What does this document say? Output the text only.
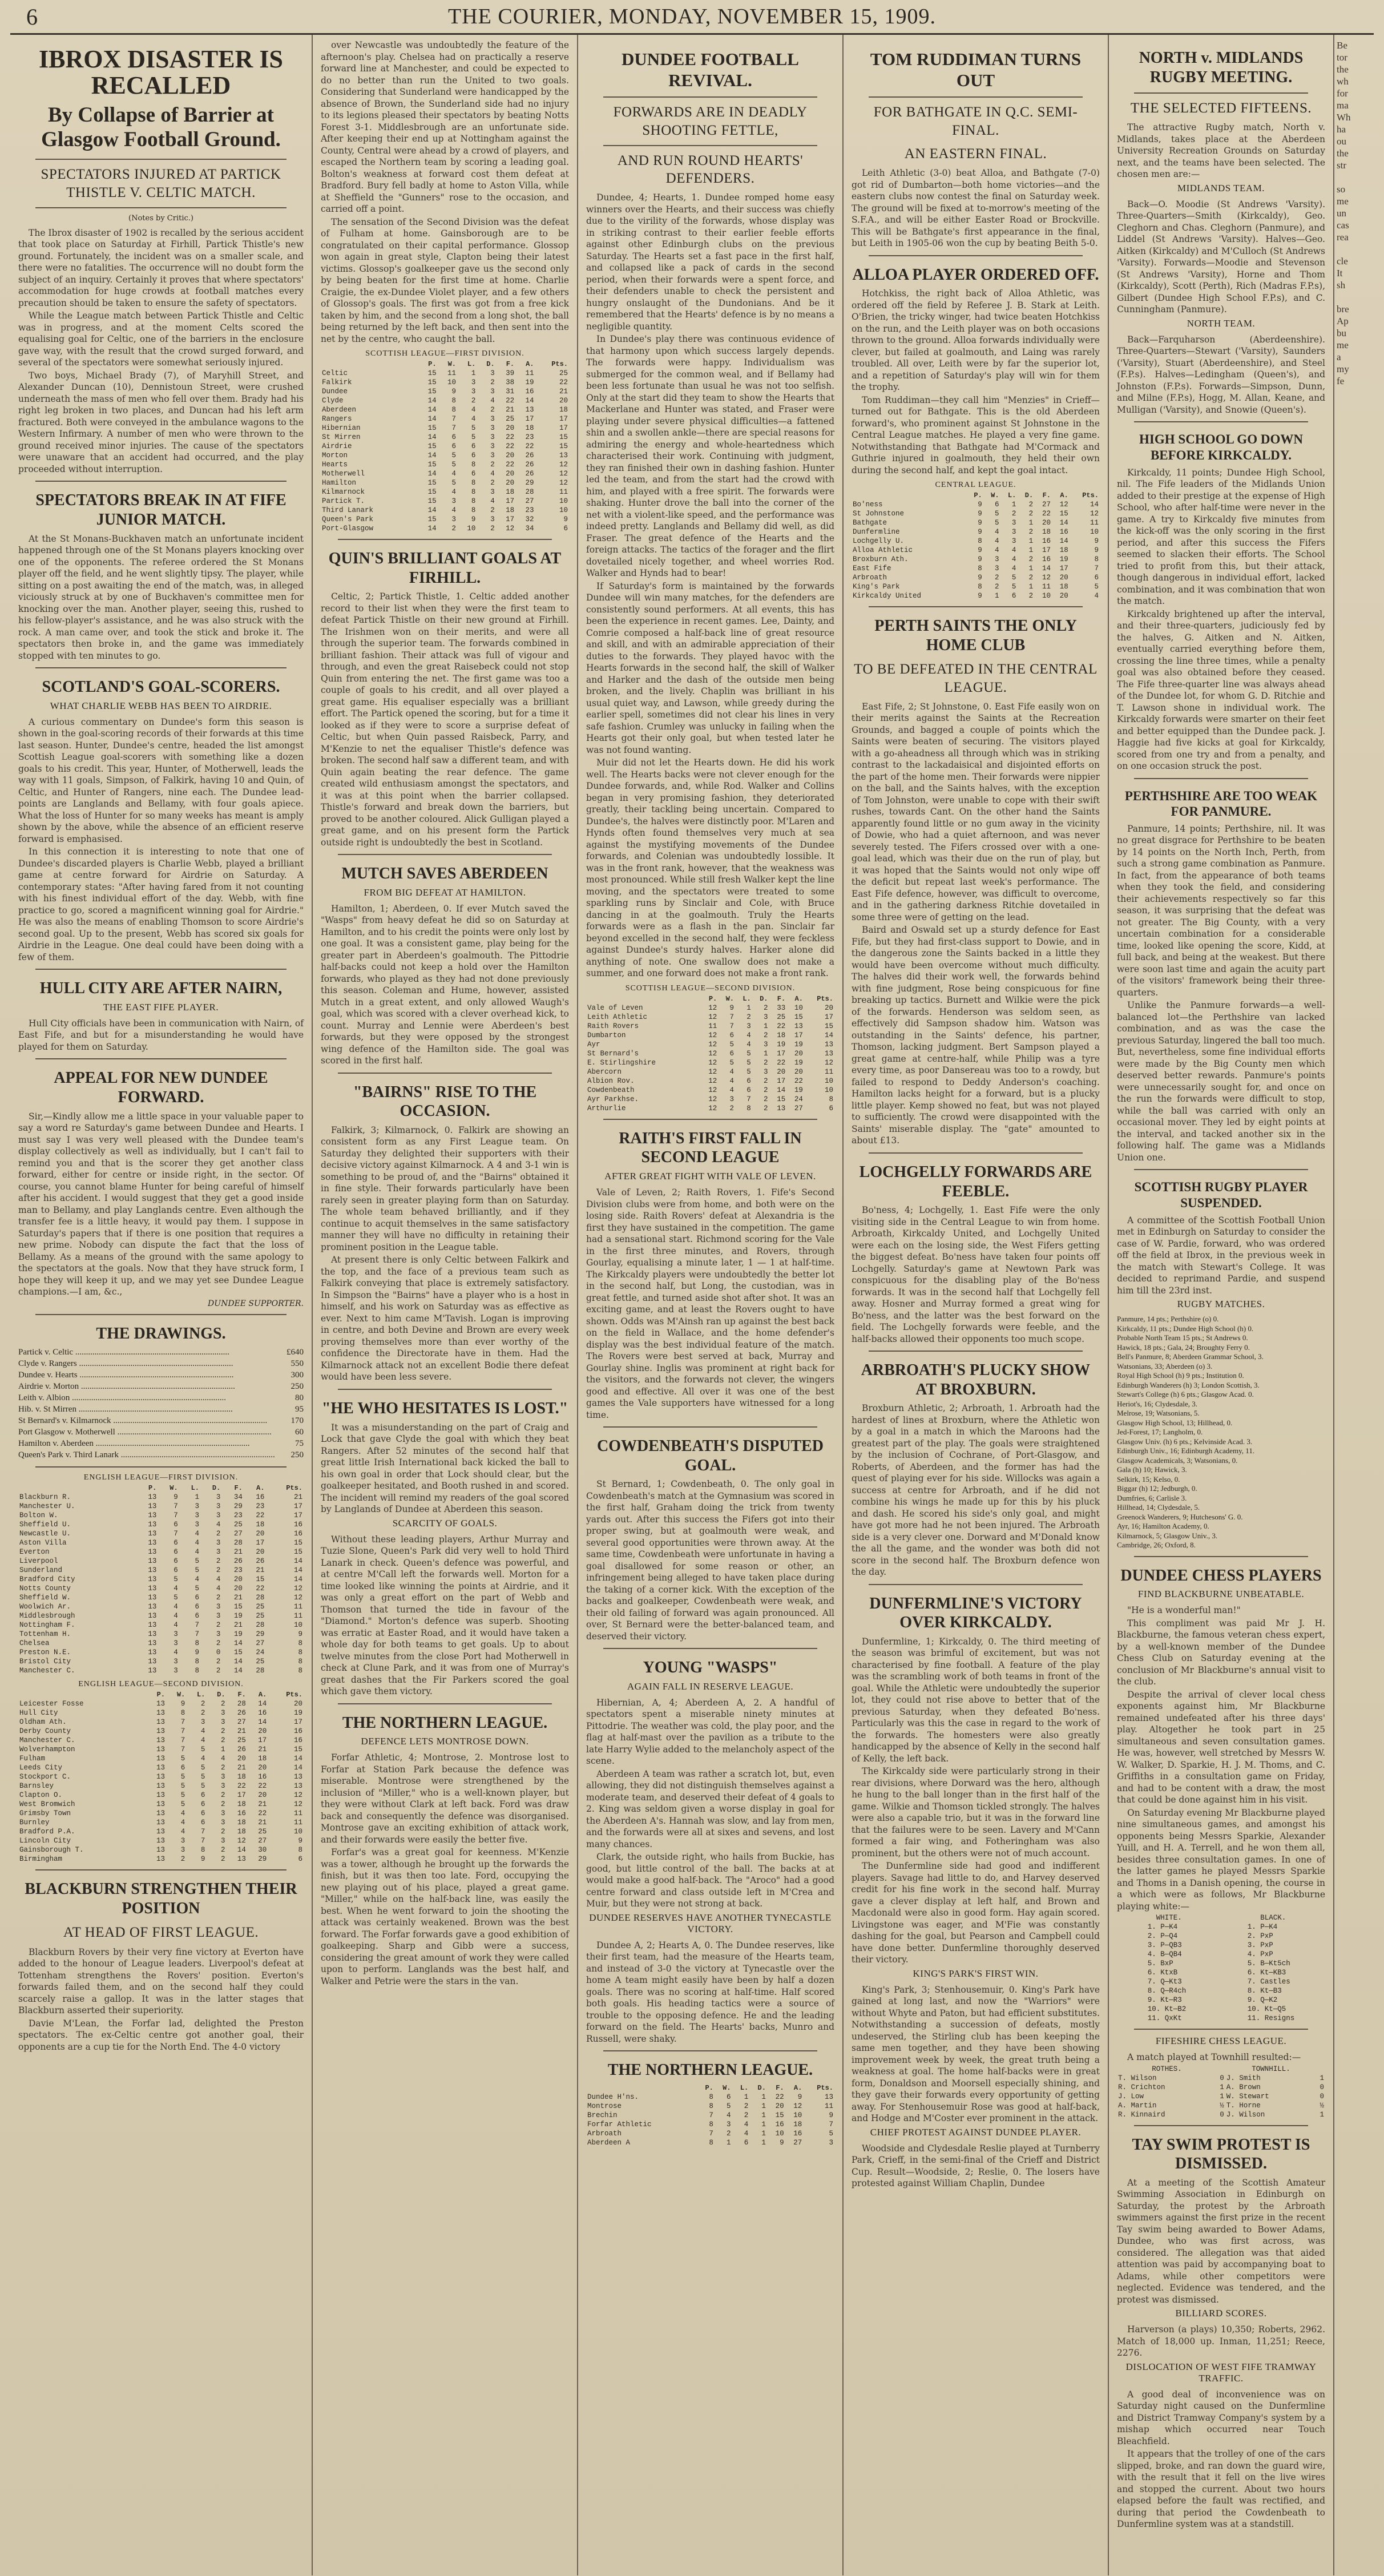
6	THE COURIER, MONDAY, NOVEMBER 15, 1909.
IBROX DISASTER IS RECALLED
By Collapse of Barrier at Glasgow Football Ground.
SPECTATORS INJURED AT PARTICK THISTLE V. CELTIC MATCH.
(Notes by Critic.)

The Ibrox disaster of 1902 is recalled by the serious accident that took place on Saturday at Firhill, Partick Thistle's new ground. Fortunately, the incident was on a smaller scale, and there were no fatalities. The occurrence will no doubt form the subject of an inquiry. Certainly it proves that where spectators' accommodation for huge crowds at football matches every precaution should be taken to ensure the safety of spectators.

While the League match between Partick Thistle and Celtic was in progress, and at the moment Celts scored the equalising goal for Celtic, one of the barriers in the enclosure gave way, with the result that the crowd surged forward, and several of the spectators were somewhat seriously injured.

Two boys, Michael Brady (7), of Maryhill Street, and Alexander Duncan (10), Dennistoun Street, were crushed underneath the mass of men who fell over them. Brady had his right leg broken in two places, and Duncan had his left arm fractured. Both were conveyed in the ambulance wagons to the Western Infirmary. A number of men who were thrown to the ground received minor injuries. The cause of the spectators were unaware that an accident had occurred, and the play proceeded without interruption.

SPECTATORS BREAK IN AT FIFE JUNIOR MATCH.

At the St Monans-Buckhaven match an unfortunate incident happened through one of the St Monans players knocking over one of the opponents. The referee ordered the St Monans player off the field, and he went slightly tipsy. The player, while sitting on a post awaiting the end of the match, was, in alleged viciously struck at by one of Buckhaven's committee men for knocking over the man. Another player, seeing this, rushed to his fellow-player's assistance, and he was also struck with the rock. A man came over, and took the stick and broke it. The spectators then broke in, and the game was immediately stopped with ten minutes to go.

SCOTLAND'S GOAL-SCORERS.
WHAT CHARLIE WEBB HAS BEEN TO AIRDRIE.

A curious commentary on Dundee's form this season is shown in the goal-scoring records of their forwards at this time last season. Hunter, Dundee's centre, headed the list amongst Scottish League goal-scorers with something like a dozen goals to his credit. This year, Hunter, of Motherwell, leads the way with 11 goals, Simpson, of Falkirk, having 10 and Quin, of Celtic, and Hunter of Rangers, nine each. The Dundee lead-points are Langlands and Bellamy, with four goals apiece. What the loss of Hunter for so many weeks has meant is amply shown by the above, while the absence of an efficient reserve forward is emphasised.

In this connection it is interesting to note that one of Dundee's discarded players is Charlie Webb, played a brilliant game at centre forward for Airdrie on Saturday. A contemporary states: "After having fared from it not counting with his finest individual effort of the day. Webb, with fine practice to go, scored a magnificent winning goal for Airdrie." He was also the means of enabling Thomson to score Airdrie's second goal. Up to the present, Webb has scored six goals for Airdrie in the League. One deal could have been doing with a few of them.

HULL CITY ARE AFTER NAIRN,
THE EAST FIFE PLAYER.

Hull City officials have been in communication with Nairn, of East Fife, and but for a misunderstanding he would have played for them on Saturday.

APPEAL FOR NEW DUNDEE FORWARD.

Sir,—Kindly allow me a little space in your valuable paper to say a word re Saturday's game between Dundee and Hearts. I must say I was very well pleased with the Dundee team's display collectively as well as individually, but I can't fail to remind you and that is the scorer they get another class forward, either for centre or inside right, in the sector. Of course, you cannot blame Hunter for being careful of himself after his accident. I would suggest that they get a good inside man to Bellamy, and play Langlands centre. Even although the transfer fee is a little heavy, it would pay them. I suppose in Saturday's papers that if there is one position that requires a new prime. Nobody can dispute the fact that the loss of Bellamy. As a means of the ground with the same apology to the spectators at the goals. Now that they have struck form, I hope they will keep it up, and we may yet see Dundee League champions.—I am, &c.,

DUNDEE SUPPORTER.
THE DRAWINGS.
Partick v. Celtic .....	£640
Clyde v. Rangers .....	550
Dundee v. Hearts .....	300
Airdrie v. Morton .....	250
Leith v. Albion .....	80
Hib. v. St Mirren .....	95
St Bernard's v. Kilmarnock .....	170
Port Glasgow v. Motherwell .....	60
Hamilton v. Aberdeen .....	75
Queen's Park v. Third Lanark .....	250
ENGLISH LEAGUE—FIRST DIVISION.
	P.	W.	L.	D.	F.	A.	Pts.
Blackburn R.	13	9	1	3	34	16	21
Manchester U.	13	7	3	3	29	23	17
Bolton W.	13	7	3	3	23	22	17
Sheffield U.	13	6	3	4	25	18	16
Newcastle U.	13	7	4	2	27	20	16
Aston Villa	13	6	4	3	28	17	15
Everton	13	6	4	3	21	20	15
Liverpool	13	6	5	2	26	26	14
Sunderland	13	6	5	2	23	21	14
Bradford City	13	5	4	4	20	15	14
Notts County	13	4	5	4	20	22	12
Sheffield W.	13	5	6	2	21	28	12
Woolwich Ar.	13	4	6	3	15	25	11
Middlesbrough	13	4	6	3	19	25	11
Nottingham F.	13	4	7	2	21	28	10
Tottenham H.	13	3	7	3	19	29	9
Chelsea	13	3	8	2	14	27	8
Preston N.E.	13	4	9	0	15	24	8
Bristol City	13	3	8	2	14	25	8
Manchester C.	13	3	8	2	14	28	8
ENGLISH LEAGUE—SECOND DIVISION.
	P.	W.	L.	D.	F.	A.	Pts.
Leicester Fosse	13	9	2	2	28	14	20
Hull City	13	8	2	3	26	16	19
Oldham Ath.	13	7	3	3	27	14	17
Derby County	13	7	4	2	21	20	16
Manchester C.	13	7	4	2	25	17	16
Wolverhampton	13	7	5	1	26	21	15
Fulham	13	5	4	4	20	18	14
Leeds City	13	6	5	2	21	20	14
Stockport C.	13	5	5	3	18	16	13
Barnsley	13	5	5	3	22	22	13
Clapton O.	13	5	6	2	17	20	12
West Bromwich	13	5	6	2	18	21	12
Grimsby Town	13	4	6	3	16	22	11
Burnley	13	4	6	3	18	21	11
Bradford P.A.	13	4	7	2	18	25	10
Lincoln City	13	3	7	3	12	27	9
Gainsborough T.	13	3	8	2	14	30	8
Birmingham	13	2	9	2	13	29	6
BLACKBURN STRENGTHEN THEIR POSITION
AT HEAD OF FIRST LEAGUE.

Blackburn Rovers by their very fine victory at Everton have added to the honour of League leaders. Liverpool's defeat at Tottenham strengthens the Rovers' position. Everton's forwards failed them, and on the second half they could scarcely raise a gallop. It was in the latter stages that Blackburn asserted their superiority.

Davie M'Lean, the Forfar lad, delighted the Preston spectators. The ex-Celtic centre got another goal, their opponents are a cup tie for the North End. The 4-0 victory

over Newcastle was undoubtedly the feature of the afternoon's play. Chelsea had on practically a reserve forward line at Manchester, and could be expected to do no better than run the United to two goals. Considering that Sunderland were handicapped by the absence of Brown, the Sunderland side had no injury to its legions pleased their spectators by beating Notts Forest 3-1. Middlesbrough are an unfortunate side. After keeping their end up at Nottingham against the County, Central were ahead by a crowd of players, and escaped the Northern team by scoring a leading goal. Bolton's weakness at forward cost them defeat at Bradford. Bury fell badly at home to Aston Villa, while at Sheffield the "Gunners" rose to the occasion, and carried off a point.

The sensation of the Second Division was the defeat of Fulham at home. Gainsborough are to be congratulated on their capital performance. Glossop won again in great style, Clapton being their latest victims. Glossop's goalkeeper gave us the second only by being beaten for the first time at home. Charlie Craigie, the ex-Dundee Violet player, and a few others of Glossop's goals. The first was got from a free kick taken by him, and the second from a long shot, the ball being returned by the left back, and then sent into the net by the centre, who caught the ball.

SCOTTISH LEAGUE—FIRST DIVISION.
	P.	W.	L.	D.	F.	A.	Pts.
Celtic	15	11	1	3	39	11	25
Falkirk	15	10	3	2	38	19	22
Dundee	15	9	3	3	31	16	21
Clyde	14	8	2	4	22	14	20
Aberdeen	14	8	4	2	21	13	18
Rangers	14	7	4	3	25	17	17
Hibernian	15	7	5	3	20	18	17
St Mirren	14	6	5	3	22	23	15
Airdrie	15	6	6	3	22	22	15
Morton	14	5	6	3	20	26	13
Hearts	15	5	8	2	22	26	12
Motherwell	14	4	6	4	20	26	12
Hamilton	15	5	8	2	20	29	12
Kilmarnock	15	4	8	3	18	28	11
Partick T.	15	3	8	4	17	27	10
Third Lanark	14	4	8	2	18	23	10
Queen's Park	15	3	9	3	17	32	9
Port-Glasgow	14	2	10	2	12	34	6
QUIN'S BRILLIANT GOALS AT FIRHILL.

Celtic, 2; Partick Thistle, 1. Celtic added another record to their list when they were the first team to defeat Partick Thistle on their new ground at Firhill. The Irishmen won on their merits, and were all through the superior team. The forwards combined in brilliant fashion. Their attack was full of vigour and through, and even the great Raisebeck could not stop Quin from entering the net. The first game was too a couple of goals to his credit, and all over played a great game. His equaliser especially was a brilliant effort. The Partick opened the scoring, but for a time it looked as if they were to score a surprise defeat of Celtic, but when Quin passed Raisbeck, Parry, and M'Kenzie to net the equaliser Thistle's defence was broken. The second half saw a different team, and with Quin again beating the rear defence. The game created wild enthusiasm amongst the spectators, and it was at this point when the barrier collapsed. Thistle's forward and break down the barriers, but proved to be another coloured. Alick Gulligan played a great game, and on his present form the Partick outside right is undoubtedly the best in Scotland.

MUTCH SAVES ABERDEEN
FROM BIG DEFEAT AT HAMILTON.

Hamilton, 1; Aberdeen, 0. If ever Mutch saved the "Wasps" from heavy defeat he did so on Saturday at Hamilton, and to his credit the points were only lost by one goal. It was a consistent game, play being for the greater part in Aberdeen's goalmouth. The Pittodrie half-backs could not keep a hold over the Hamilton forwards, who played as they had not done previously this season. Coleman and Hume, however, assisted Mutch in a great extent, and only allowed Waugh's goal, which was scored with a clever overhead kick, to count. Murray and Lennie were Aberdeen's best forwards, but they were opposed by the strongest wing defence of the Hamilton side. The goal was scored in the first half.

"BAIRNS" RISE TO THE OCCASION.

Falkirk, 3; Kilmarnock, 0. Falkirk are showing an consistent form as any First League team. On Saturday they delighted their supporters with their decisive victory against Kilmarnock. A 4 and 3-1 win is something to be proud of, and the "Bairns" obtained it in fine style. Their forwards particularly have been rarely seen in greater playing form than on Saturday. The whole team behaved brilliantly, and if they continue to acquit themselves in the same satisfactory manner they will have no difficulty in retaining their prominent position in the League table.

At present there is only Celtic between Falkirk and the top, and the face of a previous team such as Falkirk conveying that place is extremely satisfactory. In Simpson the "Bairns" have a player who is a host in himself, and his work on Saturday was as effective as ever. Next to him came M'Tavish. Logan is improving in centre, and both Devine and Brown are every week proving themselves more than ever worthy of the confidence the Directorate have in them. Had the Kilmarnock attack not an excellent Bodie there defeat would have been less severe.

"HE WHO HESITATES IS LOST."

It was a misunderstanding on the part of Craig and Lock that gave Clyde the goal with which they beat Rangers. After 52 minutes of the second half that great little Irish International back kicked the ball to his own goal in order that Lock should clear, but the goalkeeper hesitated, and Booth rushed in and scored. The incident will remind my readers of the goal scored by Langlands of Dundee at Aberdeen this season.

SCARCITY OF GOALS.

Without these leading players, Arthur Murray and Tuzie Slone, Queen's Park did very well to hold Third Lanark in check. Queen's defence was powerful, and at centre M'Call left the forwards well. Morton for a time looked like winning the points at Airdrie, and it was only a great effort on the part of Webb and Thomson that turned the tide in favour of the "Diamond." Morton's defence was superb. Shooting was erratic at Easter Road, and it would have taken a whole day for both teams to get goals. Up to about twelve minutes from the close Port had Motherwell in check at Clune Park, and it was from one of Murray's great dashes that the Fir Parkers scored the goal which gave them victory.

THE NORTHERN LEAGUE.
DEFENCE LETS MONTROSE DOWN.

Forfar Athletic, 4; Montrose, 2. Montrose lost to Forfar at Station Park because the defence was miserable. Montrose were strengthened by the inclusion of "Miller," who is a well-known player, but they were without Clark at left back. Ford was draw back and consequently the defence was disorganised. Montrose gave an exciting exhibition of attack work, and their forwards were easily the better five.

Forfar's was a great goal for keenness. M'Kenzie was a tower, although he brought up the forwards the finish, but it was then too late. Ford, occupying the new playing out of his place, played a great game. "Miller," while on the half-back line, was easily the best. When he went forward to join the shooting the attack was certainly weakened. Brown was the best forward. The Forfar forwards gave a good exhibition of goalkeeping. Sharp and Gibb were a success, considering the great amount of work they were called upon to perform. Langlands was the best half, and Walker and Petrie were the stars in the van.

DUNDEE FOOTBALL REVIVAL.
FORWARDS ARE IN DEADLY SHOOTING FETTLE,
AND RUN ROUND HEARTS' DEFENDERS.

Dundee, 4; Hearts, 1. Dundee romped home easy winners over the Hearts, and their success was chiefly due to the virility of the forwards, whose display was in striking contrast to their earlier feeble efforts against other Edinburgh clubs on the previous Saturday. The Hearts set a fast pace in the first half, and collapsed like a pack of cards in the second period, when their forwards were a spent force, and their defenders unable to check the persistent and hungry onslaught of the Dundonians. And be it remembered that the Hearts' defence is by no means a negligible quantity.

In Dundee's play there was continuous evidence of that harmony upon which success largely depends. The forwards were happy. Individualism was submerged for the common weal, and if Bellamy had been less fortunate than usual he was not too selfish. Only at the start did they team to show the Hearts that Mackerlane and Hunter was stated, and Fraser were playing under severe physical difficulties—a fattened shin and a swollen ankle—there are special reasons for admiring the energy and whole-heartedness which characterised their work. Continuing with judgment, they ran finished their own in dashing fashion. Hunter led the team, and from the start had the crowd with him, and played with a free spirit. The forwards were shaking. Hunter drove the ball into the corner of the net with a violent-like speed, and the performance was indeed pretty. Langlands and Bellamy did well, as did Fraser. The great defence of the Hearts and the foreign attacks. The tactics of the forager and the flirt dovetailed nicely together, and wheel worries Rod. Walker and Hynds had to bear!

If Saturday's form is maintained by the forwards Dundee will win many matches, for the defenders are consistently sound performers. At all events, this has been the experience in recent games. Lee, Dainty, and Comrie composed a half-back line of great resource and skill, and with an admirable appreciation of their duties to the forwards. They played havoc with the Hearts forwards in the second half, the skill of Walker and Harker and the dash of the outside men being broken, and the lively. Chaplin was brilliant in his usual quiet way, and Lawson, while greedy during the earlier spell, sometimes did not clear his lines in very safe fashion. Crumley was unlucky in failing when the Hearts got their only goal, but when tested later he was not found wanting.

Muir did not let the Hearts down. He did his work well. The Hearts backs were not clever enough for the Dundee forwards, and, while Rod. Walker and Collins began in very promising fashion, they deteriorated greatly, their tackling being uncertain. Compared to Dundee's, the halves were distinctly poor. M'Laren and Hynds often found themselves very much at sea against the mystifying movements of the Dundee forwards, and Colenian was undoubtedly lossible. It was in the front rank, however, that the weakness was most pronounced. While still fresh Walker kept the line moving, and the spectators were treated to some sparkling runs by Sinclair and Cole, with Bruce dancing in at the goalmouth. Truly the Hearts forwards were as a flash in the pan. Sinclair far beyond excelled in the second half, they were feckless against Dundee's sturdy halves. Harker alone did anything of note. One swallow does not make a summer, and one forward does not make a front rank.

SCOTTISH LEAGUE—SECOND DIVISION.
	P.	W.	L.	D.	F.	A.	Pts.
Vale of Leven	12	9	1	2	33	10	20
Leith Athletic	12	7	2	3	25	15	17
Raith Rovers	11	7	3	1	22	13	15
Dumbarton	12	6	4	2	18	17	14
Ayr	12	5	4	3	19	19	13
St Bernard's	12	6	5	1	17	20	13
E. Stirlingshire	12	5	5	2	22	19	12
Abercorn	12	4	5	3	20	20	11
Albion Rov.	12	4	6	2	17	22	10
Cowdenbeath	12	4	6	2	14	19	10
Ayr Parkhse.	12	3	7	2	15	24	8
Arthurlie	12	2	8	2	13	27	6
RAITH'S FIRST FALL IN SECOND LEAGUE
AFTER GREAT FIGHT WITH VALE OF LEVEN.

Vale of Leven, 2; Raith Rovers, 1. Fife's Second Division clubs were from home, and both were on the losing side. Raith Rovers' defeat at Alexandria is the first they have sustained in the competition. The game had a sensational start. Richmond scoring for the Vale in the first three minutes, and Rovers, through Gourlay, equalising a minute later, 1 — 1 at half-time. The Kirkcaldy players were undoubtedly the better lot in the second half, but Long, the custodian, was in great fettle, and turned aside shot after shot. It was an exciting game, and at least the Rovers ought to have shown. Odds was M'Ainsh ran up against the best back on the field in Wallace, and the home defender's display was the best individual feature of the match. The Rovers were best served at back, Murray and Gourlay shine. Inglis was prominent at right back for the visitors, and the forwards not clever, the wingers good and effective. All over it was one of the best games the Vale supporters have witnessed for a long time.

COWDENBEATH'S DISPUTED GOAL.

St Bernard, 1; Cowdenbeath, 0. The only goal in Cowdenbeath's match at the Gymnasium was scored in the first half, Graham doing the trick from twenty yards out. After this success the Fifers got into their proper swing, but at goalmouth were weak, and several good opportunities were thrown away. At the same time, Cowdenbeath were unfortunate in having a goal disallowed for some reason or other, an infringement being alleged to have taken place during the taking of a corner kick. With the exception of the backs and goalkeeper, Cowdenbeath were weak, and their old failing of forward was again pronounced. All over, St Bernard were the better-balanced team, and deserved their victory.

YOUNG "WASPS"
AGAIN FALL IN RESERVE LEAGUE.

Hibernian, A, 4; Aberdeen A, 2. A handful of spectators spent a miserable ninety minutes at Pittodrie. The weather was cold, the play poor, and the flag at half-mast over the pavilion as a tribute to the late Harry Wylie added to the melancholy aspect of the scene.

Aberdeen A team was rather a scratch lot, but, even allowing, they did not distinguish themselves against a moderate team, and deserved their defeat of 4 goals to 2. King was seldom given a worse display in goal for the Aberdeen A's. Hannah was slow, and lay from men, and the forwards were all at sixes and sevens, and lost many chances.

Clark, the outside right, who hails from Buckie, has good, but little control of the ball. The backs at at would make a good half-back. The "Aroco" had a good centre forward and class outside left in M'Crea and Muir, but they were not strong at back.

DUNDEE RESERVES HAVE ANOTHER TYNECASTLE VICTORY.

Dundee A, 2; Hearts A, 0. The Dundee reserves, like their first team, had the measure of the Hearts team, and instead of 3-0 the victory at Tynecastle over the home A team might easily have been by half a dozen goals. There was no scoring at half-time. Half scored both goals. His heading tactics were a source of trouble to the opposing defence. He and the leading forward on the field. The Hearts' backs, Munro and Russell, were shaky.

THE NORTHERN LEAGUE.
	P.	W.	L.	D.	F.	A.	Pts.
Dundee H'ns.	8	6	1	1	22	9	13
Montrose	8	5	2	1	20	12	11
Brechin	7	4	2	1	15	10	9
Forfar Athletic	8	3	4	1	16	18	7
Arbroath	7	2	4	1	10	16	5
Aberdeen A	8	1	6	1	9	27	3
TOM RUDDIMAN TURNS OUT
FOR BATHGATE IN Q.C. SEMI-FINAL.
AN EASTERN FINAL.

Leith Athletic (3-0) beat Alloa, and Bathgate (7-0) got rid of Dumbarton—both home victories—and the eastern clubs now contest the final on Saturday week. The ground will be fixed at to-morrow's meeting of the S.F.A., and will be either Easter Road or Brockville. This will be Bathgate's first appearance in the final, but Leith in 1905-06 won the cup by beating Beith 5-0.

ALLOA PLAYER ORDERED OFF.

Hotchkiss, the right back of Alloa Athletic, was ordered off the field by Referee J. B. Stark at Leith. O'Brien, the tricky winger, had twice beaten Hotchkiss on the run, and the Leith player was on both occasions thrown to the ground. Alloa forwards individually were clever, but failed at goalmouth, and Laing was rarely troubled. All over, Leith were by far the superior lot, and a repetition of Saturday's play will win for them the trophy.

Tom Ruddiman—they call him "Menzies" in Crieff—turned out for Bathgate. This is the old Aberdeen forward's, who prominent against St Johnstone in the Central League matches. He played a very fine game. Notwithstanding that Bathgate had M'Cormack and Guthrie injured in goalmouth, they held their own during the second half, and kept the goal intact.

CENTRAL LEAGUE.
	P.	W.	L.	D.	F.	A.	Pts.
Bo'ness	9	6	1	2	27	12	14
St Johnstone	9	5	2	2	22	15	12
Bathgate	9	5	3	1	20	14	11
Dunfermline	9	4	3	2	18	16	10
Lochgelly U.	8	4	3	1	16	14	9
Alloa Athletic	9	4	4	1	17	18	9
Broxburn Ath.	9	3	4	2	16	19	8
East Fife	8	3	4	1	14	17	7
Arbroath	9	2	5	2	12	20	6
King's Park	8	2	5	1	11	18	5
Kirkcaldy United	9	1	6	2	10	20	4
PERTH SAINTS THE ONLY HOME CLUB
TO BE DEFEATED IN THE CENTRAL LEAGUE.

East Fife, 2; St Johnstone, 0. East Fife easily won on their merits against the Saints at the Recreation Grounds, and bagged a couple of points which the Saints were beaten of securing. The visitors played with a go-aheadness all through which was in striking contrast to the lackadaisical and disjointed efforts on the part of the home men. Their forwards were nippier on the ball, and the Saints halves, with the exception of Tom Johnston, were unable to cope with their swift rushes, towards Cant. On the other hand the Saints apparently found little or no gum away in the vicinity of Dowie, who had a quiet afternoon, and was never severely tested. The Fifers crossed over with a one-goal lead, which was their due on the run of play, but it was hoped that the Saints would not only wipe off the deficit but repeat last week's performance. The East Fife defence, however, was difficult to overcome, and in the gathering darkness Ritchie dovetailed in some three were of getting on the lead.

Baird and Oswald set up a sturdy defence for East Fife, but they had first-class support to Dowie, and in the dangerous zone the Saints backed in a little they would have been overcome without much difficulty. The halves did their work well, the forwards behind with fine judgment, Rose being conspicuous for fine breaking up tactics. Burnett and Wilkie were the pick of the forwards. Henderson was seldom seen, as effectively did Sampson shadow him. Watson was outstanding in the Saints' defence, his partner, Thomson, lacking judgment. Bert Sampson played a great game at centre-half, while Philip was a tyre every time, as poor Dansereau was too to a rowdy, but failed to respond to Deddy Anderson's coaching. Hamilton lacks height for a forward, but is a plucky little player. Kemp showed no feat, but was not played to sufficiently. The crowd were disappointed with the Saints' miserable display. The "gate" amounted to about £13.

LOCHGELLY FORWARDS ARE FEEBLE.

Bo'ness, 4; Lochgelly, 1. East Fife were the only visiting side in the Central League to win from home. Arbroath, Kirkcaldy United, and Lochgelly United were each on the losing side, the West Fifers getting the biggest defeat. Bo'ness have taken four points off Lochgelly. Saturday's game at Newtown Park was conspicuous for the disabling play of the Bo'ness forwards. It was in the second half that Lochgelly fell away. Hosner and Murray formed a great wing for Bo'ness, and the latter was the best forward on the field. The Lochgelly forwards were feeble, and the half-backs allowed their opponents too much scope.

ARBROATH'S PLUCKY SHOW AT BROXBURN.

Broxburn Athletic, 2; Arbroath, 1. Arbroath had the hardest of lines at Broxburn, where the Athletic won by a goal in a match in which the Maroons had the greatest part of the play. The goals were straightened by the inclusion of Cochrane, of Port-Glasgow, and Roberts, of Aberdeen, and the former has had the quest of playing ever for his side. Willocks was again a success at centre for Arbroath, and if he did not combine his wings he made up for this by his pluck and dash. He scored his side's only goal, and might have got more had he not been injured. The Arbroath side is a very clever one. Dorward and M'Donald know the all the game, and the wonder was both did not score in the second half. The Broxburn defence won the day.

DUNFERMLINE'S VICTORY OVER KIRKCALDY.

Dunfermline, 1; Kirkcaldy, 0. The third meeting of the season was brimful of excitement, but was not characterised by fine football. A feature of the play was the scrambling work of both teams in front of the goal. While the Athletic were undoubtedly the superior lot, they could not rise above to better that of the previous Saturday, when they defeated Bo'ness. Particularly was this the case in regard to the work of the forwards. The homesters were also greatly handicapped by the absence of Kelly in the second half of Kelly, the left back.

The Kirkcaldy side were particularly strong in their rear divisions, where Dorward was the hero, although he hung to the ball longer than in the first half of the game. Wilkie and Thomson tickled strongly. The halves were also a capable trio, but it was in the forward line that the failures were to be seen. Lavery and M'Cann formed a fair wing, and Fotheringham was also prominent, but the others were not of much account.

The Dunfermline side had good and indifferent players. Savage had little to do, and Harvey deserved credit for his fine work in the second half. Murray gave a clever display at left half, and Brown and Macdonald were also in good form. Hay again scored. Livingstone was eager, and M'Fie was constantly dashing for the goal, but Pearson and Campbell could have done better. Dunfermline thoroughly deserved their victory.

KING'S PARK'S FIRST WIN.

King's Park, 3; Stenhousemuir, 0. King's Park have gained at long last, and now the "Warriors" were without Whyte and Paton, but had efficient substitutes. Notwithstanding a succession of defeats, mostly undeserved, the Stirling club has been keeping the same men together, and they have been showing improvement week by week, the great truth being a weakness at goal. The home half-backs were in great form, Donaldson and Moorsell especially shining, and they gave their forwards every opportunity of getting away. For Stenhousemuir Rose was good at half-back, and Hodge and M'Coster ever prominent in the attack.

CHIEF PROTEST AGAINST DUNDEE PLAYER.

Woodside and Clydesdale Reslie played at Turnberry Park, Crieff, in the semi-final of the Crieff and District Cup. Result—Woodside, 2; Reslie, 0. The losers have protested against William Chaplin, Dundee

NORTH v. MIDLANDS RUGBY MEETING.
THE SELECTED FIFTEENS.

The attractive Rugby match, North v. Midlands, takes place at the Aberdeen University Recreation Grounds on Saturday next, and the teams have been selected. The chosen men are:—

MIDLANDS TEAM.

Back—O. Moodie (St Andrews 'Varsity). Three-Quarters—Smith (Kirkcaldy), Geo. Cleghorn and Chas. Cleghorn (Panmure), and Liddel (St Andrews 'Varsity). Halves—Geo. Aitken (Kirkcaldy) and M'Culloch (St Andrews 'Varsity). Forwards—Moodie and Stevenson (St Andrews 'Varsity), Horne and Thom (Kirkcaldy), Scott (Perth), Rich (Madras F.P.s), Gilbert (Dundee High School F.P.s), and C. Cunningham (Panmure).

NORTH TEAM.

Back—Farquharson (Aberdeenshire). Three-Quarters—Stewart ('Varsity), Saunders ('Varsity), Stuart (Aberdeenshire), and Steel (F.P.s). Halves—Ledingham (Queen's), and Johnston (F.P.s). Forwards—Simpson, Dunn, and Milne (F.P.s), Hogg, M. Allan, Keane, and Mulligan ('Varsity), and Snowie (Queen's).

HIGH SCHOOL GO DOWN BEFORE KIRKCALDY.

Kirkcaldy, 11 points; Dundee High School, nil. The Fife leaders of the Midlands Union added to their prestige at the expense of High School, who after half-time were never in the game. A try to Kirkcaldy five minutes from the kick-off was the only scoring in the first period, and after this success the Fifers seemed to slacken their efforts. The School tried to profit from this, but their attack, though dangerous in individual effort, lacked combination, and it was combination that won the match.

Kirkcaldy brightened up after the interval, and their three-quarters, judiciously fed by the halves, G. Aitken and N. Aitken, eventually carried everything before them, crossing the line three times, while a penalty goal was also obtained before they ceased. The Fife three-quarter line was always ahead of the Dundee lot, for whom G. D. Ritchie and T. Lawson shone in individual work. The Kirkcaldy forwards were smarter on their feet and better equipped than the Dundee pack. J. Haggie had five kicks at goal for Kirkcaldy, scored from one try and from a penalty, and on one occasion struck the post.

PERTHSHIRE ARE TOO WEAK FOR PANMURE.

Panmure, 14 points; Perthshire, nil. It was no great disgrace for Perthshire to be beaten by 14 points on the North Inch, Perth, from such a strong game combination as Panmure. In fact, from the appearance of both teams when they took the field, and considering their achievements respectively so far this season, it was surprising that the defeat was not greater. The Big County, with a very uncertain combination for a considerable time, looked like opening the score, Kidd, at full back, and being at the weakest. But there were soon last time and again the acuity part of the visitors' framework being their three-quarters.

Unlike the Panmure forwards—a well-balanced lot—the Perthshire van lacked combination, and as was the case the previous Saturday, lingered the ball too much. But, nevertheless, some fine individual efforts were made by the Big County men which deserved better rewards. Panmure's points were unnecessarily sought for, and once on the run the forwards were difficult to stop, while the ball was carried with only an occasional mover. They led by eight points at the interval, and tacked another six in the following half. The game was a Midlands Union one.

SCOTTISH RUGBY PLAYER SUSPENDED.

A committee of the Scottish Football Union met in Edinburgh on Saturday to consider the case of W. Pardie, forward, who was ordered off the field at Ibrox, in the previous week in the match with Stewart's College. It was decided to reprimand Pardie, and suspend him till the 23rd inst.

RUGBY MATCHES.
Panmure, 14 pts.; Perthshire (o) 0.
Kirkcaldy, 11 pts.; Dundee High School (h) 0.
Probable North Team 15 pts.; St Andrews 0.
Hawick, 18 pts.; Gala, 24; Broughty Ferry 0.
Bell's Panmure, 8; Aberdeen Grammar School, 3.
Watsonians, 33; Aberdeen (o) 3.
Royal High School (h) 9 pts.; Institution 0.
Edinburgh Wanderers (h) 3; London Scottish, 3.
Stewart's College (h) 6 pts.; Glasgow Acad. 0.
Heriot's, 16; Clydesdale, 3.
Melrose, 19; Watsonians, 5.
Glasgow High School, 13; Hillhead, 0.
Jed-Forest, 17; Langholm, 0.
Glasgow Univ. (h) 6 pts.; Kelvinside Acad. 3.
Edinburgh Univ., 16; Edinburgh Academy, 11.
Glasgow Academicals, 3; Watsonians, 0.
Gala (h) 10; Hawick, 3.
Selkirk, 15; Kelso, 0.
Biggar (h) 12; Jedburgh, 0.
Dumfries, 6; Carlisle 3.
Hillhead, 14; Clydesdale, 5.
Greenock Wanderers, 9; Hutchesons' G. 0.
Ayr, 16; Hamilton Academy, 0.
Kilmarnock, 5; Glasgow Univ., 3.
Cambridge, 26; Oxford, 8.
DUNDEE CHESS PLAYERS
FIND BLACKBURNE UNBEATABLE.

"He is a wonderful man!"

This compliment was paid Mr J. H. Blackburne, the famous veteran chess expert, by a well-known member of the Dundee Chess Club on Saturday evening at the conclusion of Mr Blackburne's annual visit to the club.

Despite the arrival of clever local chess exponents against him, Mr Blackburne remained undefeated after his three days' play. Altogether he took part in 25 simultaneous and seven consultation games. He was, however, well stretched by Messrs W. W. Walker, D. Sparkie, H. J. M. Thoms, and C. Griffiths in a consultation game on Friday, and had to be content with a draw, the most that could be done against him in his visit.

On Saturday evening Mr Blackburne played nine simultaneous games, and amongst his opponents being Messrs Sparkie, Alexander Yuill, and H. A. Terrell, and he won them all, besides three consultation games. In one of the latter games he played Messrs Sparkie and Thoms in a Danish opening, the course in a which were as follows, Mr Blackburne playing white:—

WHITE.	BLACK.
1. P—K4
2. P—Q4
3. P—QB3
4. B—QB4
5. BxP
6. KtxB
7. Q—Kt3
8. Q—R4ch
9. Kt—R3
10. Kt—B2
11. QxKt
1. P—K4
2. PxP
3. PxP
4. PxP
5. B—Kt5ch
6. Kt—KB3
7. Castles
8. Kt—B3
9. Q—K2
10. Kt—Q5
11. Resigns
FIFESHIRE CHESS LEAGUE.

A match played at Townhill resulted:—

ROTHES.	TOWNHILL.
T. Wilson	0	J. Smith	1
R. Crichton	1	A. Brown	0
J. Low	1	W. Stewart	0
A. Martin	½	T. Horne	½
R. Kinnaird	0	J. Wilson	1
TAY SWIM PROTEST IS DISMISSED.

At a meeting of the Scottish Amateur Swimming Association in Edinburgh on Saturday, the protest by the Arbroath swimmers against the first prize in the recent Tay swim being awarded to Bower Adams, Dundee, who was first across, was considered. The allegation was that aided attention was paid by accompanying boat to Adams, while other competitors were neglected. Evidence was tendered, and the protest was dismissed.

BILLIARD SCORES.

Harverson (a plays) 10,350; Roberts, 2962. Match of 18,000 up. Inman, 11,251; Reece, 2276.

DISLOCATION OF WEST FIFE TRAMWAY TRAFFIC.

A good deal of inconvenience was on Saturday night caused on the Dunfermline and District Tramway Company's system by a mishap which occurred near Touch Bleachfield.

It appears that the trolley of one of the cars slipped, broke, and ran down the guard wire, with the result that it fell on the live wires and stopped the current. About two hours elapsed before the fault was rectified, and during that period the Cowdenbeath to Dunfermline system was at a standstill.

Be
tor
the
wh
for
ma
Wh
ha
ou
the
str

so
me
un
cas
rea

cle
It
sh

bre
Ap
bu
me
a
my
fe
